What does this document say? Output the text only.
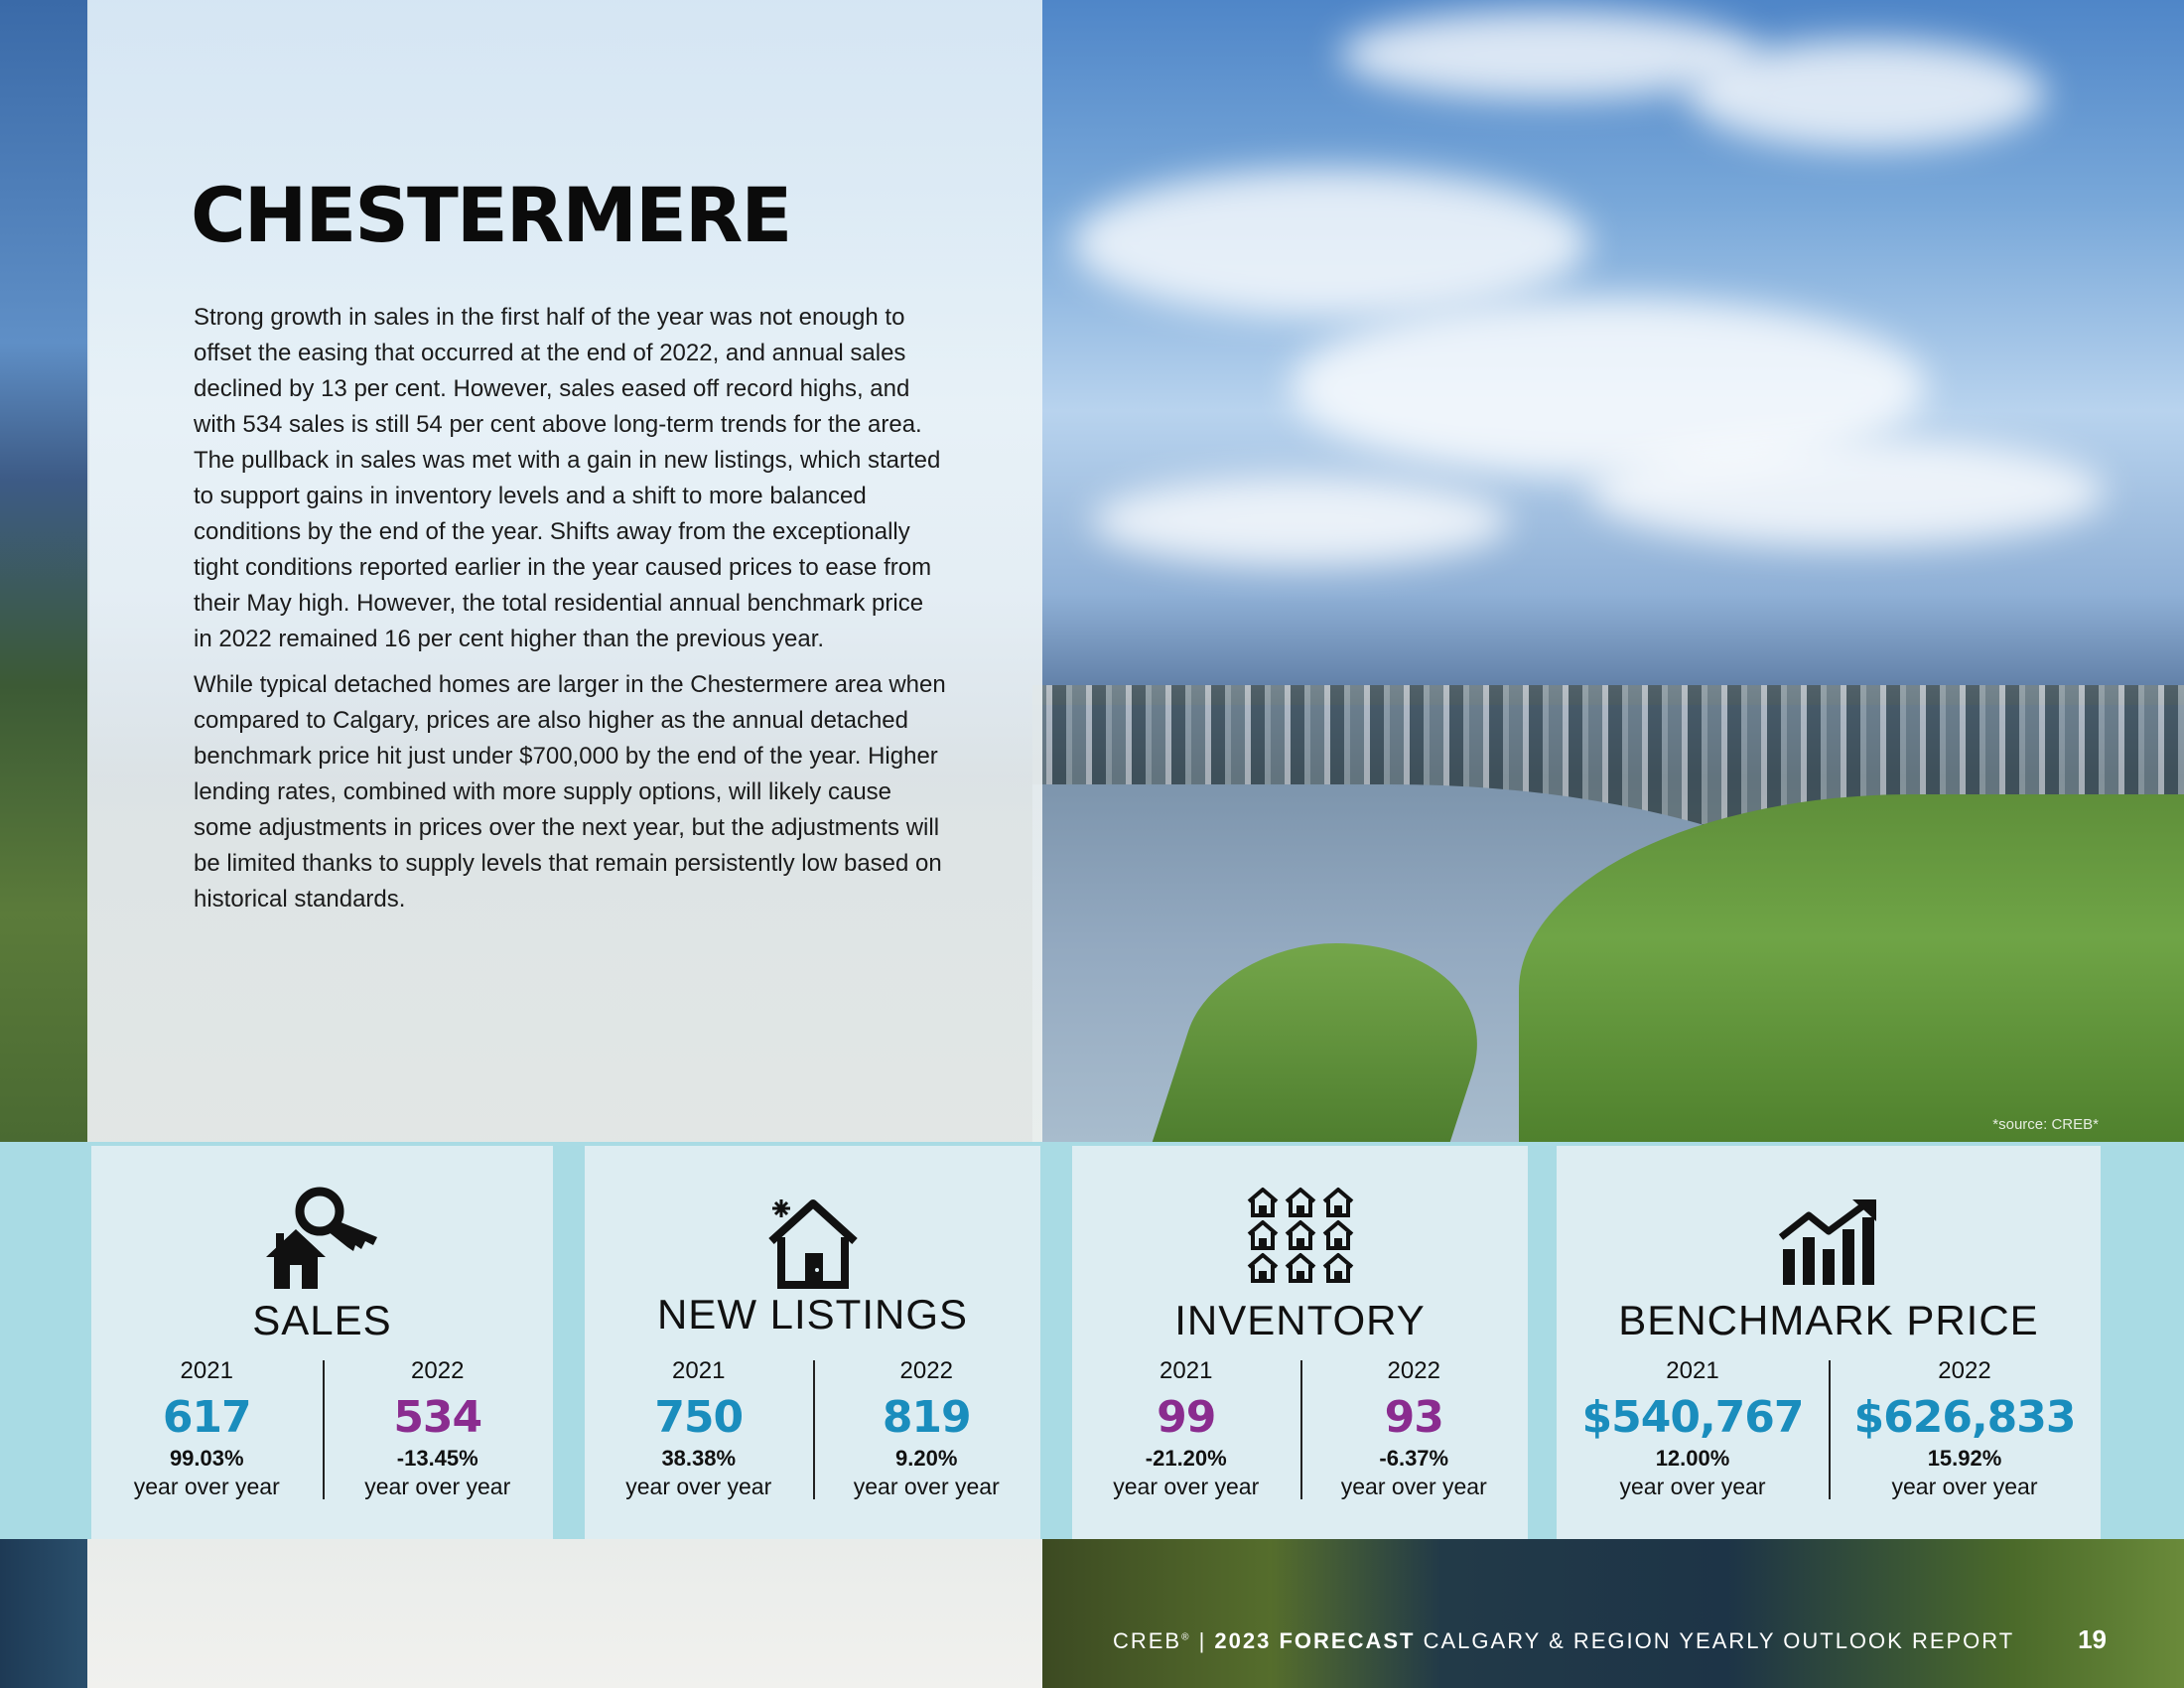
CHESTERMERE

Strong growth in sales in the first half of the year was not enough to offset the easing that occurred at the end of 2022, and annual sales declined by 13 per cent. However, sales eased off record highs, and with 534 sales is still 54 per cent above long-term trends for the area. The pullback in sales was met with a gain in new listings, which started to support gains in inventory levels and a shift to more balanced conditions by the end of the year. Shifts away from the exceptionally tight conditions reported earlier in the year caused prices to ease from their May high. However, the total residential annual benchmark price in 2022 remained 16 per cent higher than the previous year.

While typical detached homes are larger in the Chestermere area when compared to Calgary, prices are also higher as the annual detached benchmark price hit just under $700,000 by the end of the year. Higher lending rates, combined with more supply options, will likely cause some adjustments in prices over the next year, but the adjustments will be limited thanks to supply levels that remain persistently low based on historical standards.

*source: CREB*
SALES
2021
617
99.03%
year over year
2022
534
-13.45%
year over year
NEW LISTINGS
2021
750
38.38%
year over year
2022
819
9.20%
year over year
INVENTORY
2021
99
-21.20%
year over year
2022
93
-6.37%
year over year
BENCHMARK PRICE
2021
$540,767
12.00%
year over year
2022
$626,833
15.92%
year over year
CREB® | 2023 FORECAST CALGARY & REGION YEARLY OUTLOOK REPORT 19
